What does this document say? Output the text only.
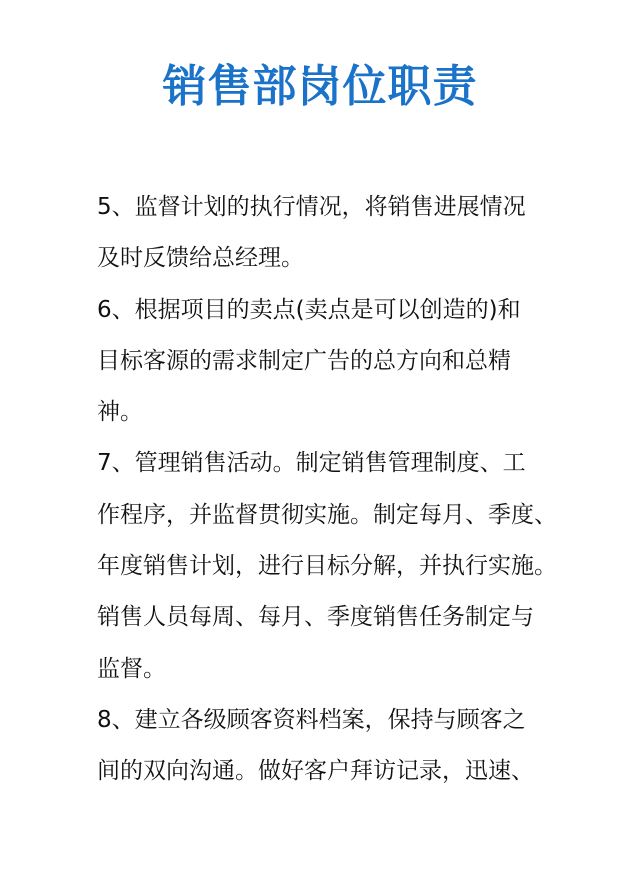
销售部岗位职责
5、监督计划的执行情况，将销售进展情况
及时反馈给总经理。
6、根据项目的卖点(卖点是可以创造的)和
目标客源的需求制定广告的总方向和总精
神。
7、管理销售活动。制定销售管理制度、工
作程序，并监督贯彻实施。制定每月、季度、
年度销售计划，进行目标分解，并执行实施。
销售人员每周、每月、季度销售任务制定与
监督。
8、建立各级顾客资料档案，保持与顾客之
间的双向沟通。做好客户拜访记录，迅速、
